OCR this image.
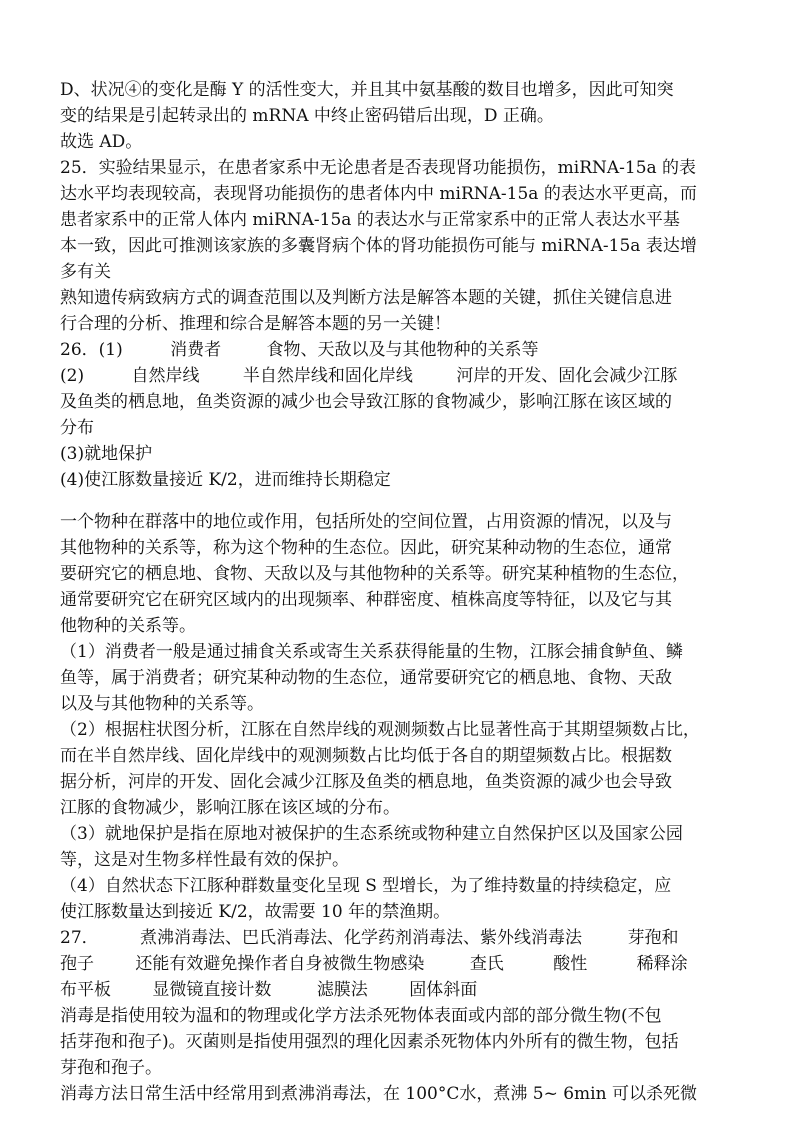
D、状况④的变化是酶 Y 的活性变大，并且其中氨基酸的数目也增多，因此可知突
变的结果是引起转录出的 mRNA 中终止密码错后出现，D 正确。
故选 AD。
25．实验结果显示，在患者家系中无论患者是否表现肾功能损伤，miRNA-15a 的表
达水平均表现较高，表现肾功能损伤的患者体内中 miRNA-15a 的表达水平更高，而
患者家系中的正常人体内 miRNA-15a 的表达水与正常家系中的正常人表达水平基
本一致，因此可推测该家族的多囊肾病个体的肾功能损伤可能与 miRNA-15a 表达增
多有关
熟知遗传病致病方式的调查范围以及判断方法是解答本题的关键，抓住关键信息进
行合理的分析、推理和综合是解答本题的另一关键！
26．(1)	消费者	食物、天敌以及与其他物种的关系等
(2)	自然岸线	半自然岸线和固化岸线	河岸的开发、固化会减少江豚
及鱼类的栖息地，鱼类资源的减少也会导致江豚的食物减少，影响江豚在该区域的
分布
(3)就地保护
(4)使江豚数量接近 K/2，进而维持长期稳定
一个物种在群落中的地位或作用，包括所处的空间位置，占用资源的情况，以及与
其他物种的关系等，称为这个物种的生态位。因此，研究某种动物的生态位，通常
要研究它的栖息地、食物、天敌以及与其他物种的关系等。研究某种植物的生态位，
通常要研究它在研究区域内的出现频率、种群密度、植株高度等特征，以及它与其
他物种的关系等。
（1）消费者一般是通过捕食关系或寄生关系获得能量的生物，江豚会捕食鲈鱼、鳞
鱼等，属于消费者；研究某种动物的生态位，通常要研究它的栖息地、食物、天敌
以及与其他物种的关系等。
（2）根据柱状图分析，江豚在自然岸线的观测频数占比显著性高于其期望频数占比，
而在半自然岸线、固化岸线中的观测频数占比均低于各自的期望频数占比。根据数
据分析，河岸的开发、固化会减少江豚及鱼类的栖息地，鱼类资源的减少也会导致
江豚的食物减少，影响江豚在该区域的分布。
（3）就地保护是指在原地对被保护的生态系统或物种建立自然保护区以及国家公园
等，这是对生物多样性最有效的保护。
（4）自然状态下江豚种群数量变化呈现 S 型增长，为了维持数量的持续稳定，应
使江豚数量达到接近 K/2，故需要 10 年的禁渔期。
27． 煮沸消毒法、巴氏消毒法、化学药剂消毒法、紫外线消毒法	芽孢和
孢子 还能有效避免操作者自身被微生物感染	查氏	酸性	稀释涂
布平板 显微镜直接计数	滤膜法 固体斜面
消毒是指使用较为温和的物理或化学方法杀死物体表面或内部的部分微生物(不包
括芽孢和孢子)。灭菌则是指使用强烈的理化因素杀死物体内外所有的微生物，包括
芽孢和孢子。
消毒方法日常生活中经常用到煮沸消毒法，在 100°C水，煮沸 5~ 6min 可以杀死微
